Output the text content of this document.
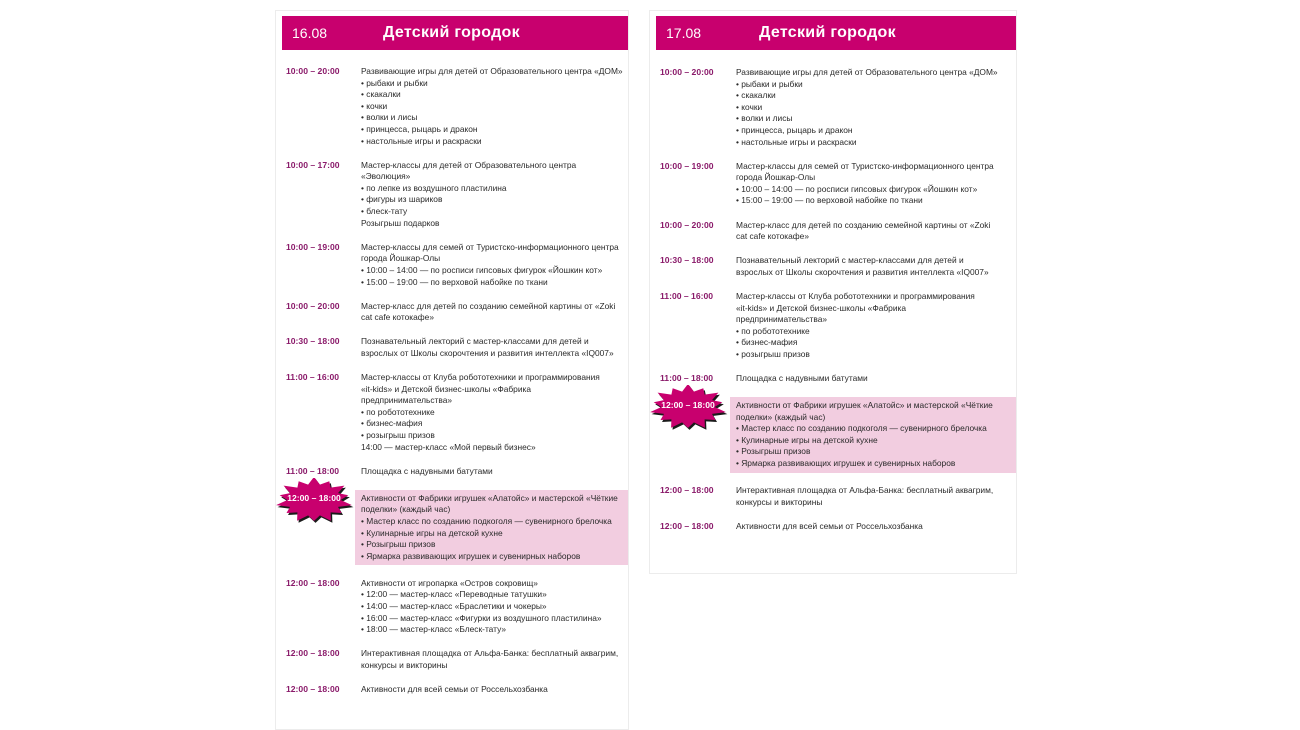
16.08	Детский городок
10:00 – 20:00	Развивающие игры для детей от Образовательного центра «ДОМ»
• рыбаки и рыбки
• скакалки
• кочки
• волки и лисы
• принцесса, рыцарь и дракон
• настольные игры и раскраски
10:00 – 17:00	Мастер-классы для детей от Образовательного центра
«Эволюция»
• по лепке из воздушного пластилина
• фигуры из шариков
• блеск-тату
Розыгрыш подарков
10:00 – 19:00	Мастер-классы для семей от Туристско-информационного центра
города Йошкар-Олы
• 10:00 – 14:00 — по росписи гипсовых фигурок «Йошкин кот»
• 15:00 – 19:00 — по верховой набойке по ткани
10:00 – 20:00	Мастер-класс для детей по созданию семейной картины от «Zoki
cat cafe котокафе»
10:30 – 18:00	Познавательный лекторий с мастер-классами для детей и
взрослых от Школы скорочтения и развития интеллекта «IQ007»
11:00 – 16:00	Мастер-классы от Клуба робототехники и программирования
«it-kids» и Детской бизнес-школы «Фабрика
предпринимательства»
• по робототехнике
• бизнес-мафия
• розыгрыш призов
14:00 — мастер-класс «Мой первый бизнес»
11:00 – 18:00	Площадка с надувными батутами
12:00 – 18:00	Активности от Фабрики игрушек «Алатойс» и мастерской «Чёткие
поделки» (каждый час)
• Мастер класс по созданию подкоголя — сувенирного брелочка
• Кулинарные игры на детской кухне
• Розыгрыш призов
• Ярмарка развивающих игрушек и сувенирных наборов
12:00 – 18:00	Активности от игропарка «Остров сокровищ»
• 12:00 — мастер-класс «Переводные татушки»
• 14:00 — мастер-класс «Браслетики и чокеры»
• 16:00 — мастер-класс «Фигурки из воздушного пластилина»
• 18:00 — мастер-класс «Блеск-тату»
12:00 – 18:00	Интерактивная площадка от Альфа-Банка: бесплатный аквагрим,
конкурсы и викторины
12:00 – 18:00	Активности для всей семьи от Россельхозбанка
17.08	Детский городок
10:00 – 20:00	Развивающие игры для детей от Образовательного центра «ДОМ»
• рыбаки и рыбки
• скакалки
• кочки
• волки и лисы
• принцесса, рыцарь и дракон
• настольные игры и раскраски
10:00 – 19:00	Мастер-классы для семей от Туристско-информационного центра
города Йошкар-Олы
• 10:00 – 14:00 — по росписи гипсовых фигурок «Йошкин кот»
• 15:00 – 19:00 — по верховой набойке по ткани
10:00 – 20:00	Мастер-класс для детей по созданию семейной картины от «Zoki
cat cafe котокафе»
10:30 – 18:00	Познавательный лекторий с мастер-классами для детей и
взрослых от Школы скорочтения и развития интеллекта «IQ007»
11:00 – 16:00	Мастер-классы от Клуба робототехники и программирования
«it-kids» и Детской бизнес-школы «Фабрика
предпринимательства»
• по робототехнике
• бизнес-мафия
• розыгрыш призов
11:00 – 18:00	Площадка с надувными батутами
12:00 – 18:00	Активности от Фабрики игрушек «Алатойс» и мастерской «Чёткие
поделки» (каждый час)
• Мастер класс по созданию подкоголя — сувенирного брелочка
• Кулинарные игры на детской кухне
• Розыгрыш призов
• Ярмарка развивающих игрушек и сувенирных наборов
12:00 – 18:00	Интерактивная площадка от Альфа-Банка: бесплатный аквагрим,
конкурсы и викторины
12:00 – 18:00	Активности для всей семьи от Россельхозбанка
